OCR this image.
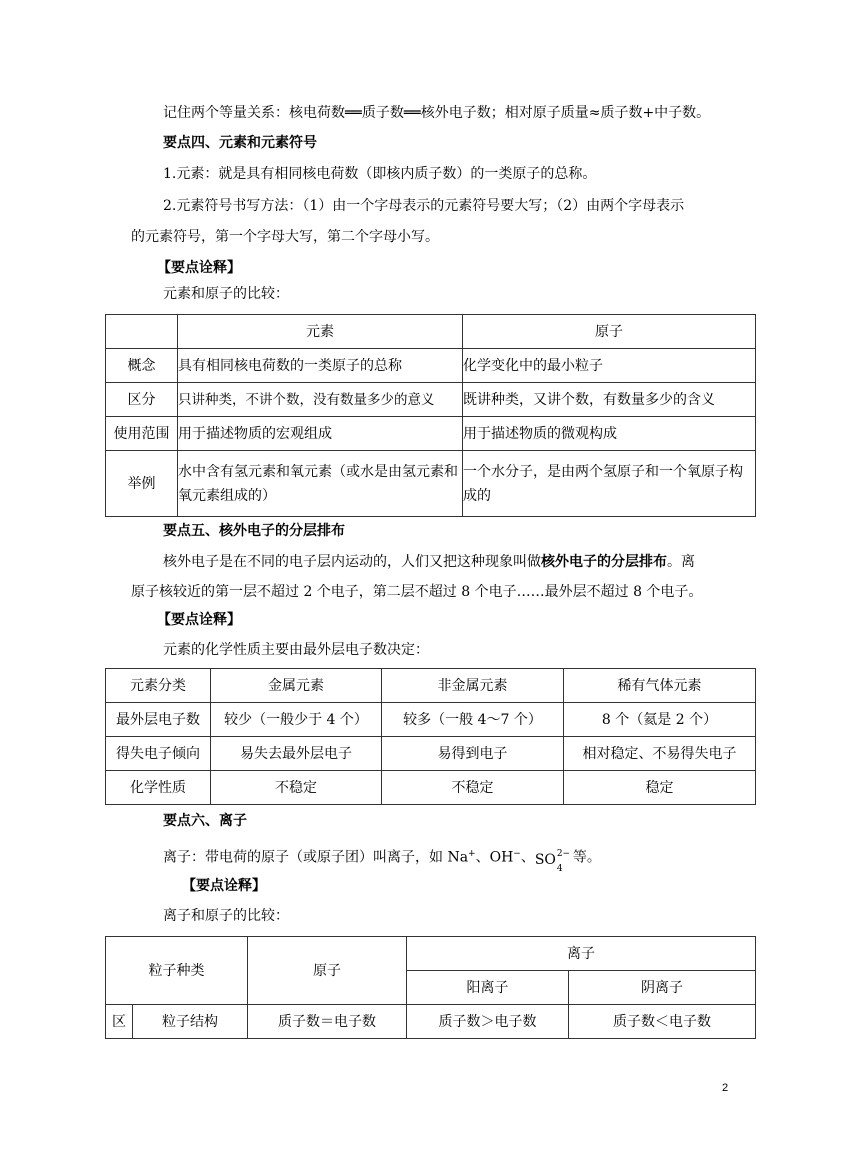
记住两个等量关系：核电荷数══质子数══核外电子数；相对原子质量≈质子数+中子数。
要点四、元素和元素符号
1.元素：就是具有相同核电荷数（即核内质子数）的一类原子的总称。
2.元素符号书写方法：（1）由一个字母表示的元素符号要大写；（2）由两个字母表示
的元素符号，第一个字母大写，第二个字母小写。
【要点诠释】
元素和原子的比较：
	元素	原子
概念	具有相同核电荷数的一类原子的总称	化学变化中的最小粒子
区分	只讲种类，不讲个数，没有数量多少的意义	既讲种类，又讲个数，有数量多少的含义
使用范围	用于描述物质的宏观组成	用于描述物质的微观构成
举例	水中含有氢元素和氧元素（或水是由氢元素和氧元素组成的）	一个水分子，是由两个氢原子和一个氧原子构成的
要点五、核外电子的分层排布
核外电子是在不同的电子层内运动的，人们又把这种现象叫做核外电子的分层排布。离
原子核较近的第一层不超过 2 个电子，第二层不超过 8 个电子……最外层不超过 8 个电子。
【要点诠释】
元素的化学性质主要由最外层电子数决定：
元素分类	金属元素	非金属元素	稀有气体元素
最外层电子数	较少（一般少于 4 个）	较多（一般 4～7 个）	8 个（氦是 2 个）
得失电子倾向	易失去最外层电子	易得到电子	相对稳定、不易得失电子
化学性质	不稳定	不稳定	稳定
要点六、离子
离子：带电荷的原子（或原子团）叫离子，如 Na+、OH−、 SO 2−
4
等。
【要点诠释】
离子和原子的比较：
粒子种类		原子	离子	
			阳离子	阴离子
区	粒子结构	质子数＝电子数	质子数＞电子数	质子数＜电子数
2
